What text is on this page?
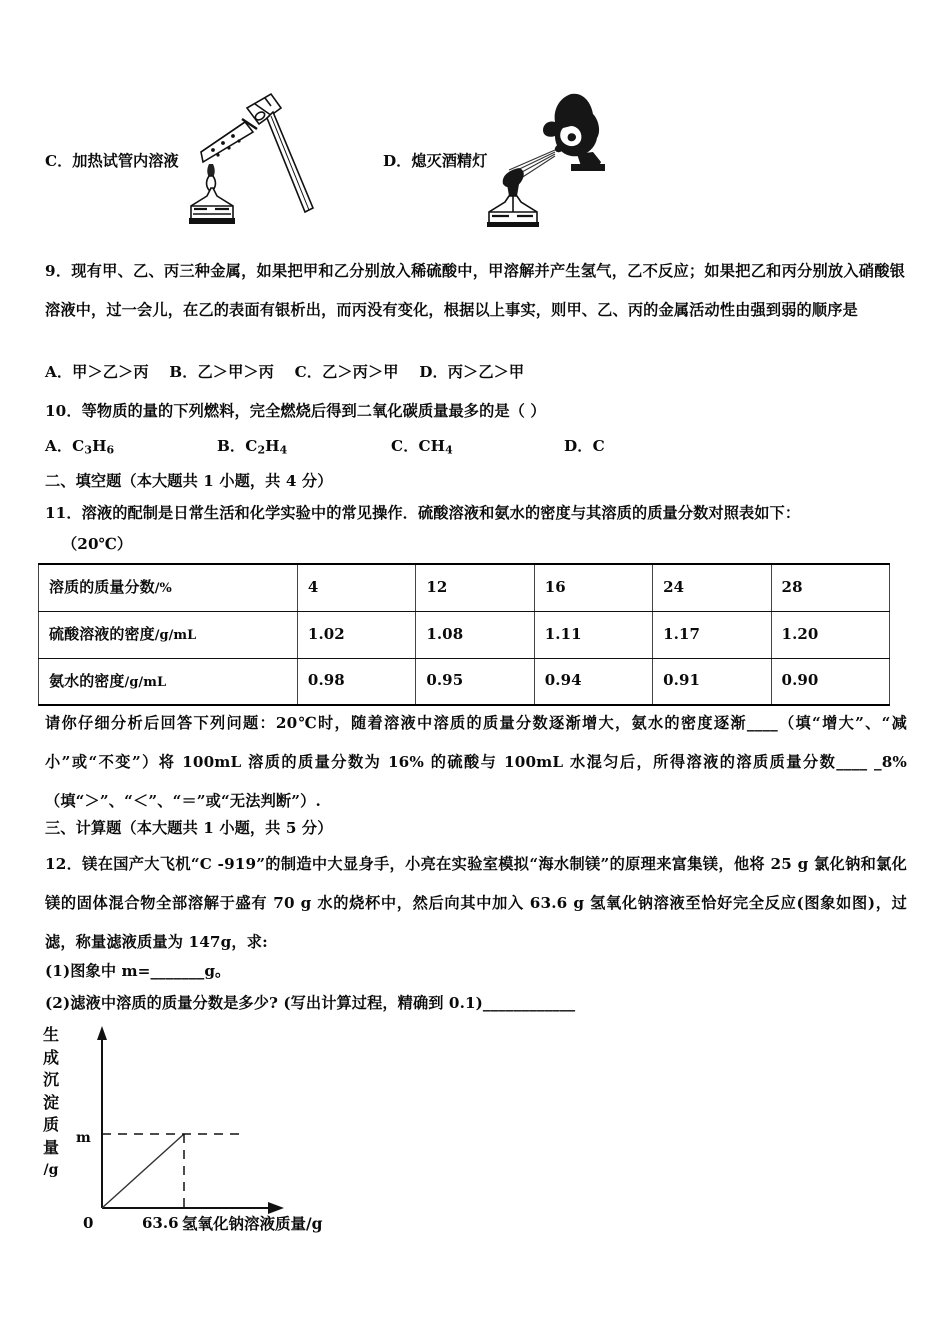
C．加热试管内溶液	D．熄灭酒精灯
9．现有甲、乙、丙三种金属，如果把甲和乙分别放入稀硫酸中，甲溶解并产生氢气，乙不反应；如果把乙和丙分别放入硝酸银溶液中，过一会儿，在乙的表面有银析出，而丙没有变化，根据以上事实，则甲、乙、丙的金属活动性由强到弱的顺序是
A．甲＞乙＞丙　 B．乙＞甲＞丙　 C．乙＞丙＞甲　 D．丙＞乙＞甲
10．等物质的量的下列燃料，完全燃烧后得到二氧化碳质量最多的是（ ）
A．C3H6	B．C2H4	C．CH4	D．C
二、填空题（本大题共 1 小题，共 4 分）
11．溶液的配制是日常生活和化学实验中的常见操作．硫酸溶液和氨水的密度与其溶质的质量分数对照表如下：
（20℃）
溶质的质量分数/%	4	12	16	24	28
硫酸溶液的密度/g/mL	1.02	1.08	1.11	1.17	1.20
氨水的密度/g/mL	0.98	0.95	0.94	0.91	0.90
请你仔细分析后回答下列问题：20℃时，随着溶液中溶质的质量分数逐渐增大，氨水的密度逐渐____（填“增大”、“减小”或“不变”）将 100mL 溶质的质量分数为 16% 的硫酸与 100mL 水混匀后，所得溶液的溶质质量分数____ _8%（填“＞”、“＜”、“＝”或“无法判断”）.
三、计算题（本大题共 1 小题，共 5 分）
12．镁在国产大飞机“C -919”的制造中大显身手，小亮在实验室模拟“海水制镁”的原理来富集镁，他将 25 g 氯化钠和氯化镁的固体混合物全部溶解于盛有 70 g 水的烧杯中，然后向其中加入 63.6 g 氢氧化钠溶液至恰好完全反应(图象如图)，过滤，称量滤液质量为 147g，求:
(1)图象中 m=_______g。
(2)滤液中溶质的质量分数是多少? (写出计算过程，精确到 0.1)____________
生
成
沉
淀
质
量
/g
m
0	63.6 氢氧化钠溶液质量/g
